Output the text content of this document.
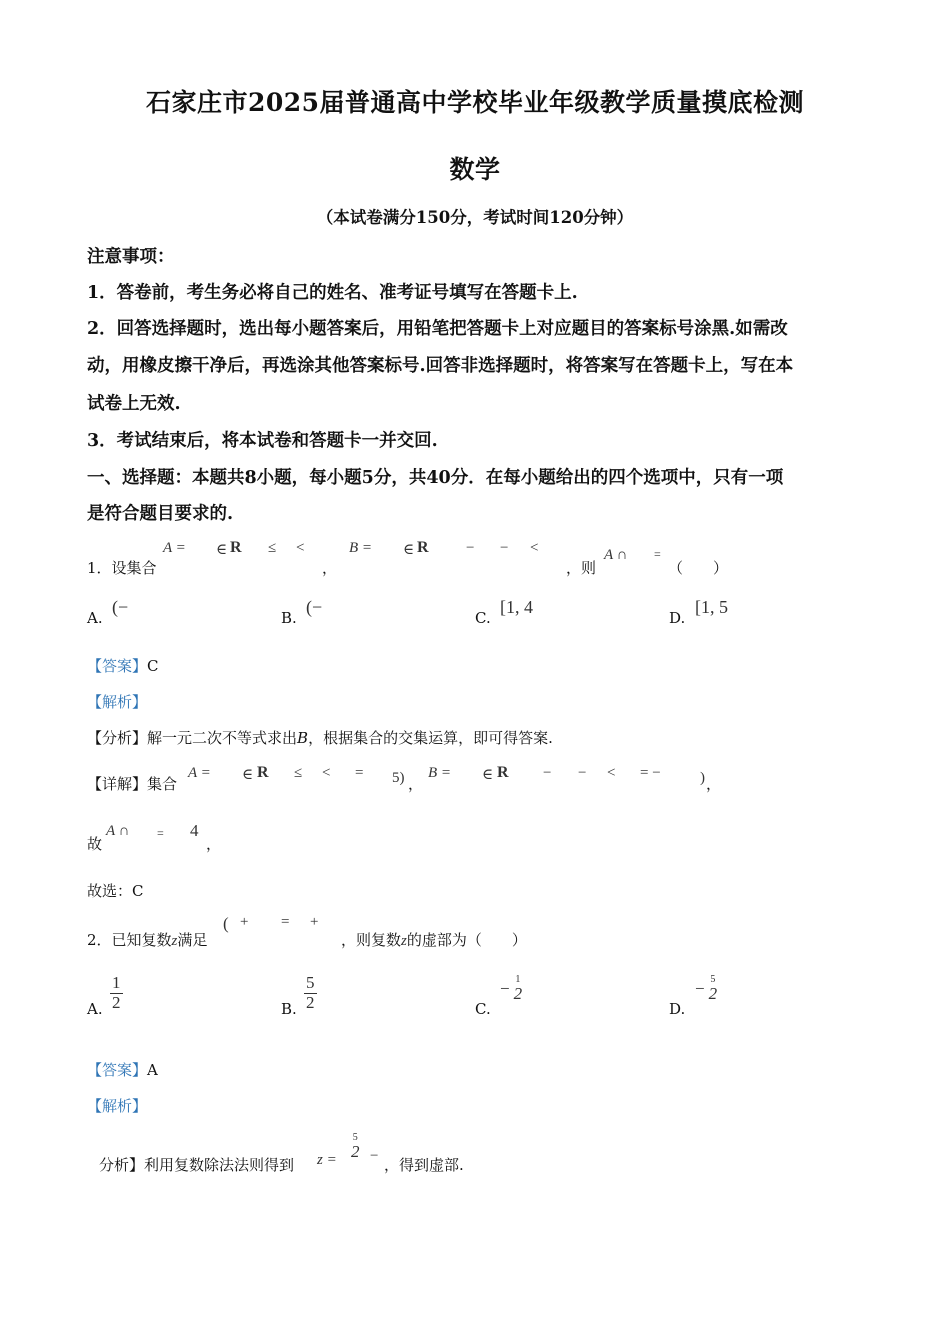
石家庄市2025届普通高中学校毕业年级教学质量摸底检测
数学
（本试卷满分150分，考试时间120分钟）
注意事项：
1．答卷前，考生务必将自己的姓名、准考证号填写在答题卡上.
2．回答选择题时，选出每小题答案后，用铅笔把答题卡上对应题目的答案标号涂黑.如需改
动，用橡皮擦干净后，再选涂其他答案标号.回答非选择题时，将答案写在答题卡上，写在本
试卷上无效.
3．考试结束后，将本试卷和答题卡一并交回.
一、选择题：本题共8小题，每小题5分，共40分．在每小题给出的四个选项中，只有一项
是符合题目要求的.
1．设集合
A = ∈ R ≤ <
，
B = ∈ R − − <
，则
A ∩ =
（　　）
A.
(−
B.
(−
C.
[1, 4
D.
[1, 5
【答案】C
【解析】
【分析】解一元二次不等式求出B，根据集合的交集运算，即可得答案.
【详解】集合
A = ∈ R ≤ < = 5) ，
B = ∈ R − − < = −	) ，
故
A ∩ = 4
，
故选：C
2．已知复数z满足
( + = +
，则复数z的虚部为（　　）
A. $\frac{1}{2}$	B. $\frac{5}{2}$	C.
− 1
2
D.
− 5
2
【答案】A
【解析】
分析】利用复数除法法则得到 z =
5
2 − ，得到虚部.
